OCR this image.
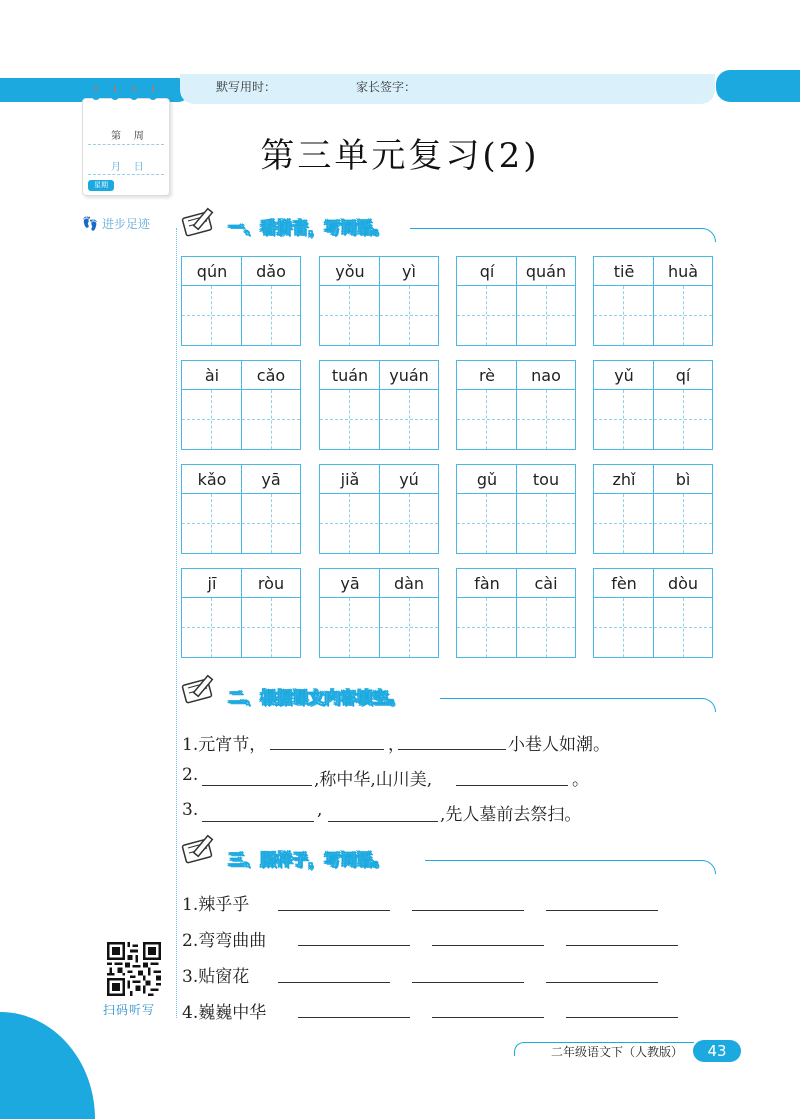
默写用时：	家长签字：
第    周
月    日
星期
👣 进步足迹
第三单元复习(2)
一、看拼音，写词语。
qún	dǎo	yǒu	yì	qí	quán	tiē	huà
ài	cǎo	tuán	yuán	rè	nao	yǔ	qí
kǎo	yā	jiǎ	yú	gǔ	tou	zhǐ	bì
jī	ròu	yā	dàn	fàn	cài	fèn	dòu
二、根据课文内容填空。
1.元宵节，	，	小巷人如潮。
2.	,称中华,山川美,	。
3.	,	,先人墓前去祭扫。
三、照样子，写词语。
1.辣乎乎
2.弯弯曲曲
3.贴窗花
4.巍巍中华
扫码听写
二年级语文下（人教版）	43
